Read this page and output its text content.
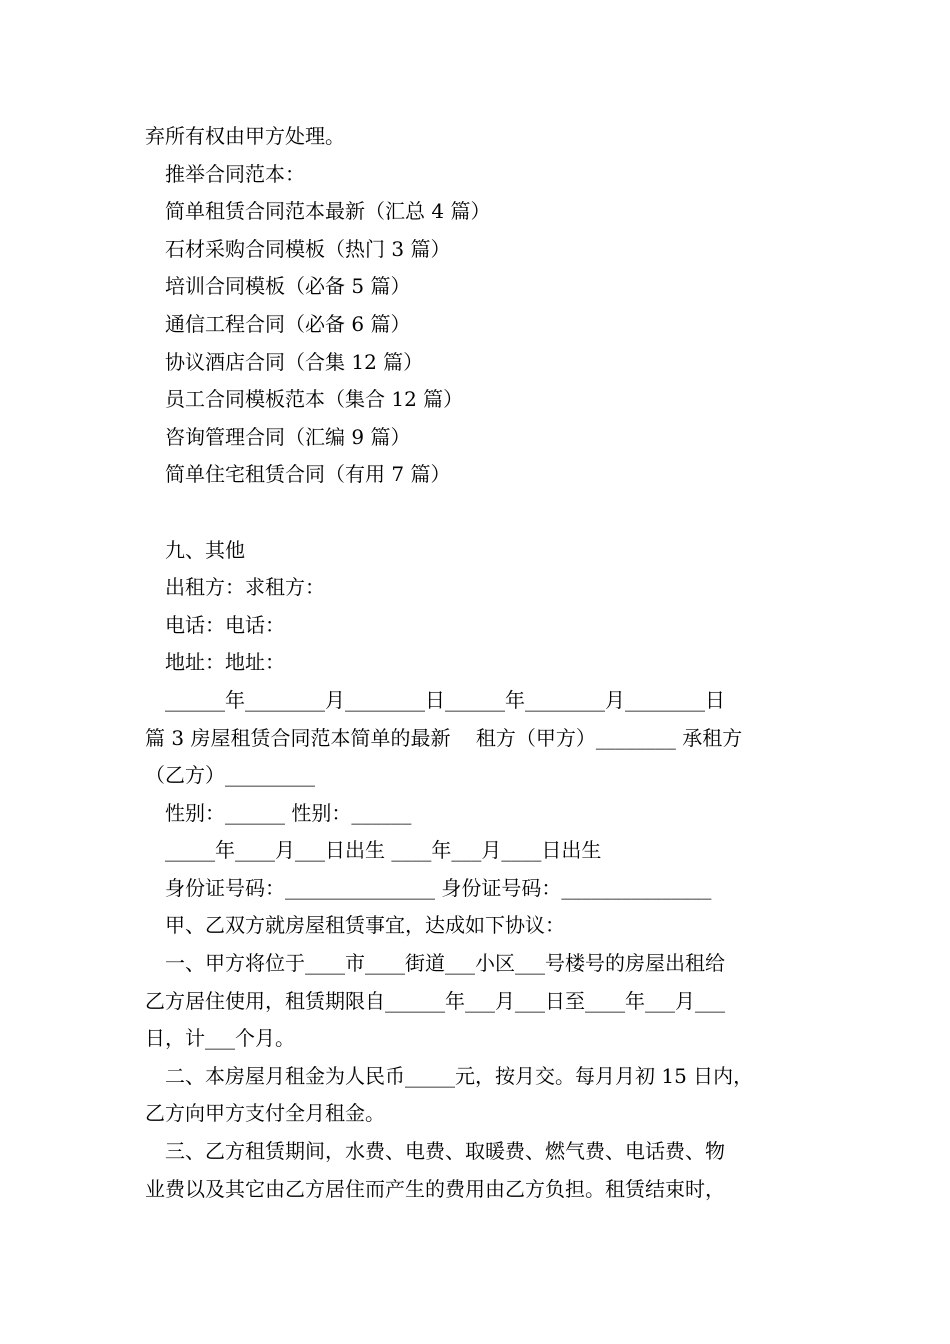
弃所有权由甲方处理。
推举合同范本：
简单租赁合同范本最新（汇总 4 篇）
石材采购合同模板（热门 3 篇）
培训合同模板（必备 5 篇）
通信工程合同（必备 6 篇）
协议酒店合同（合集 12 篇）
员工合同模板范本（集合 12 篇）
咨询管理合同（汇编 9 篇）
简单住宅租赁合同（有用 7 篇）
九、其他
出租方：求租方：
电话：电话：
地址：地址：
______年________月________日______年________月________日
篇 3 房屋租赁合同范本简单的最新    租方（甲方）________ 承租方
（乙方）_________
性别：______ 性别：______
_____年____月___日出生 ____年___月____日出生
身份证号码：_______________ 身份证号码：_______________
甲、乙双方就房屋租赁事宜，达成如下协议：
一、甲方将位于____市____街道___小区___号楼号的房屋出租给
乙方居住使用，租赁期限自______年___月___日至____年___月___
日，计___个月。
二、本房屋月租金为人民币_____元，按月交。每月月初 15 日内，
乙方向甲方支付全月租金。
三、乙方租赁期间，水费、电费、取暖费、燃气费、电话费、物
业费以及其它由乙方居住而产生的费用由乙方负担。租赁结束时，
